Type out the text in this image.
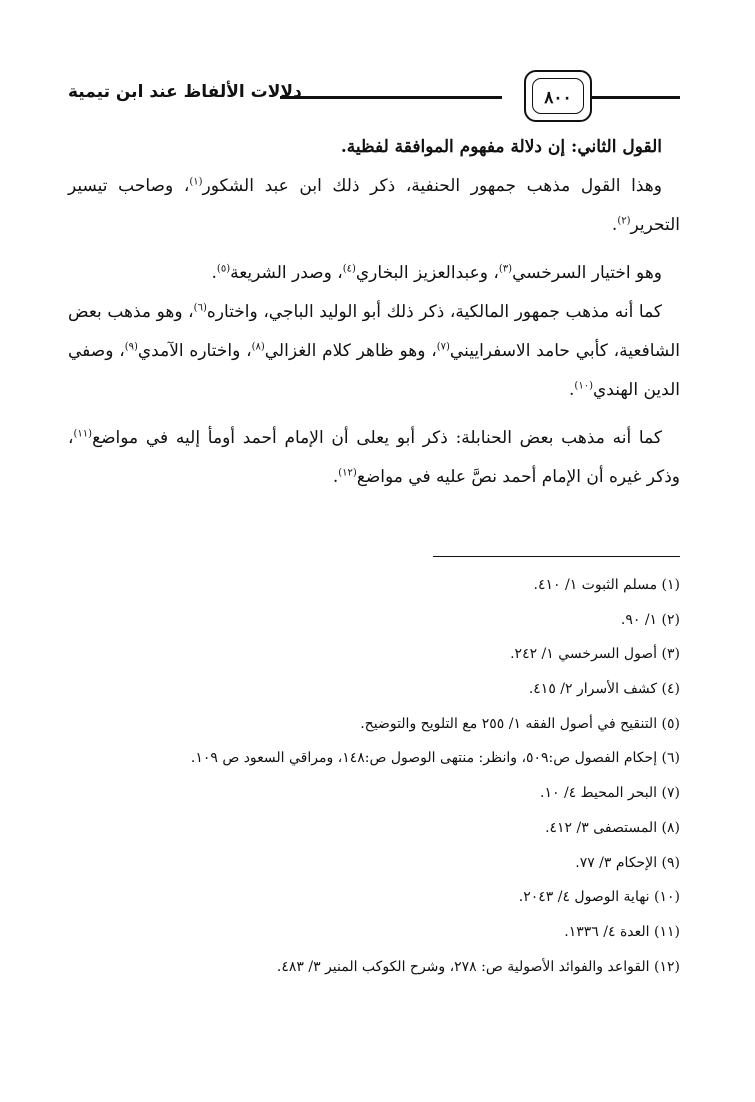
٨٠٠
دلالات الألفاظ عند ابن تيمية

القول الثاني: إن دلالة مفهوم الموافقة لفظية.

وهذا القول مذهب جمهور الحنفية، ذكر ذلك ابن عبد الشكور$^{(١)}$، وصاحب تيسير التحرير$^{(٢)}$.

وهو اختيار السرخسي$^{(٣)}$، وعبدالعزيز البخاري$^{(٤)}$، وصدر الشريعة$^{(٥)}$.

كما أنه مذهب جمهور المالكية، ذكر ذلك أبو الوليد الباجي، واختاره$^{(٦)}$، وهو مذهب بعض الشافعية، كأبي حامد الاسفراييني$^{(٧)}$، وهو ظاهر كلام الغزالي$^{(٨)}$، واختاره الآمدي$^{(٩)}$، وصفي الدين الهندي$^{(١٠)}$.

كما أنه مذهب بعض الحنابلة: ذكر أبو يعلى أن الإمام أحمد أومأ إليه في مواضع$^{(١١)}$، وذكر غيره أن الإمام أحمد نصَّ عليه في مواضع$^{(١٢)}$.

(١) مسلم الثبوت ١/ ٤١٠.
(٢) ١/ ٩٠.
(٣) أصول السرخسي ١/ ٢٤٢.
(٤) كشف الأسرار ٢/ ٤١٥.
(٥) التنقيح في أصول الفقه ١/ ٢٥٥ مع التلويح والتوضيح.
(٦) إحكام الفصول ص:٥٠٩، وانظر: منتهى الوصول ص:١٤٨، ومراقي السعود ص ١٠٩.
(٧) البحر المحيط ٤/ ١٠.
(٨) المستصفى ٣/ ٤١٢.
(٩) الإحكام ٣/ ٧٧.
(١٠) نهاية الوصول ٤/ ٢٠٤٣.
(١١) العدة ٤/ ١٣٣٦.
(١٢) القواعد والفوائد الأصولية ص: ٢٧٨، وشرح الكوكب المنير ٣/ ٤٨٣.
